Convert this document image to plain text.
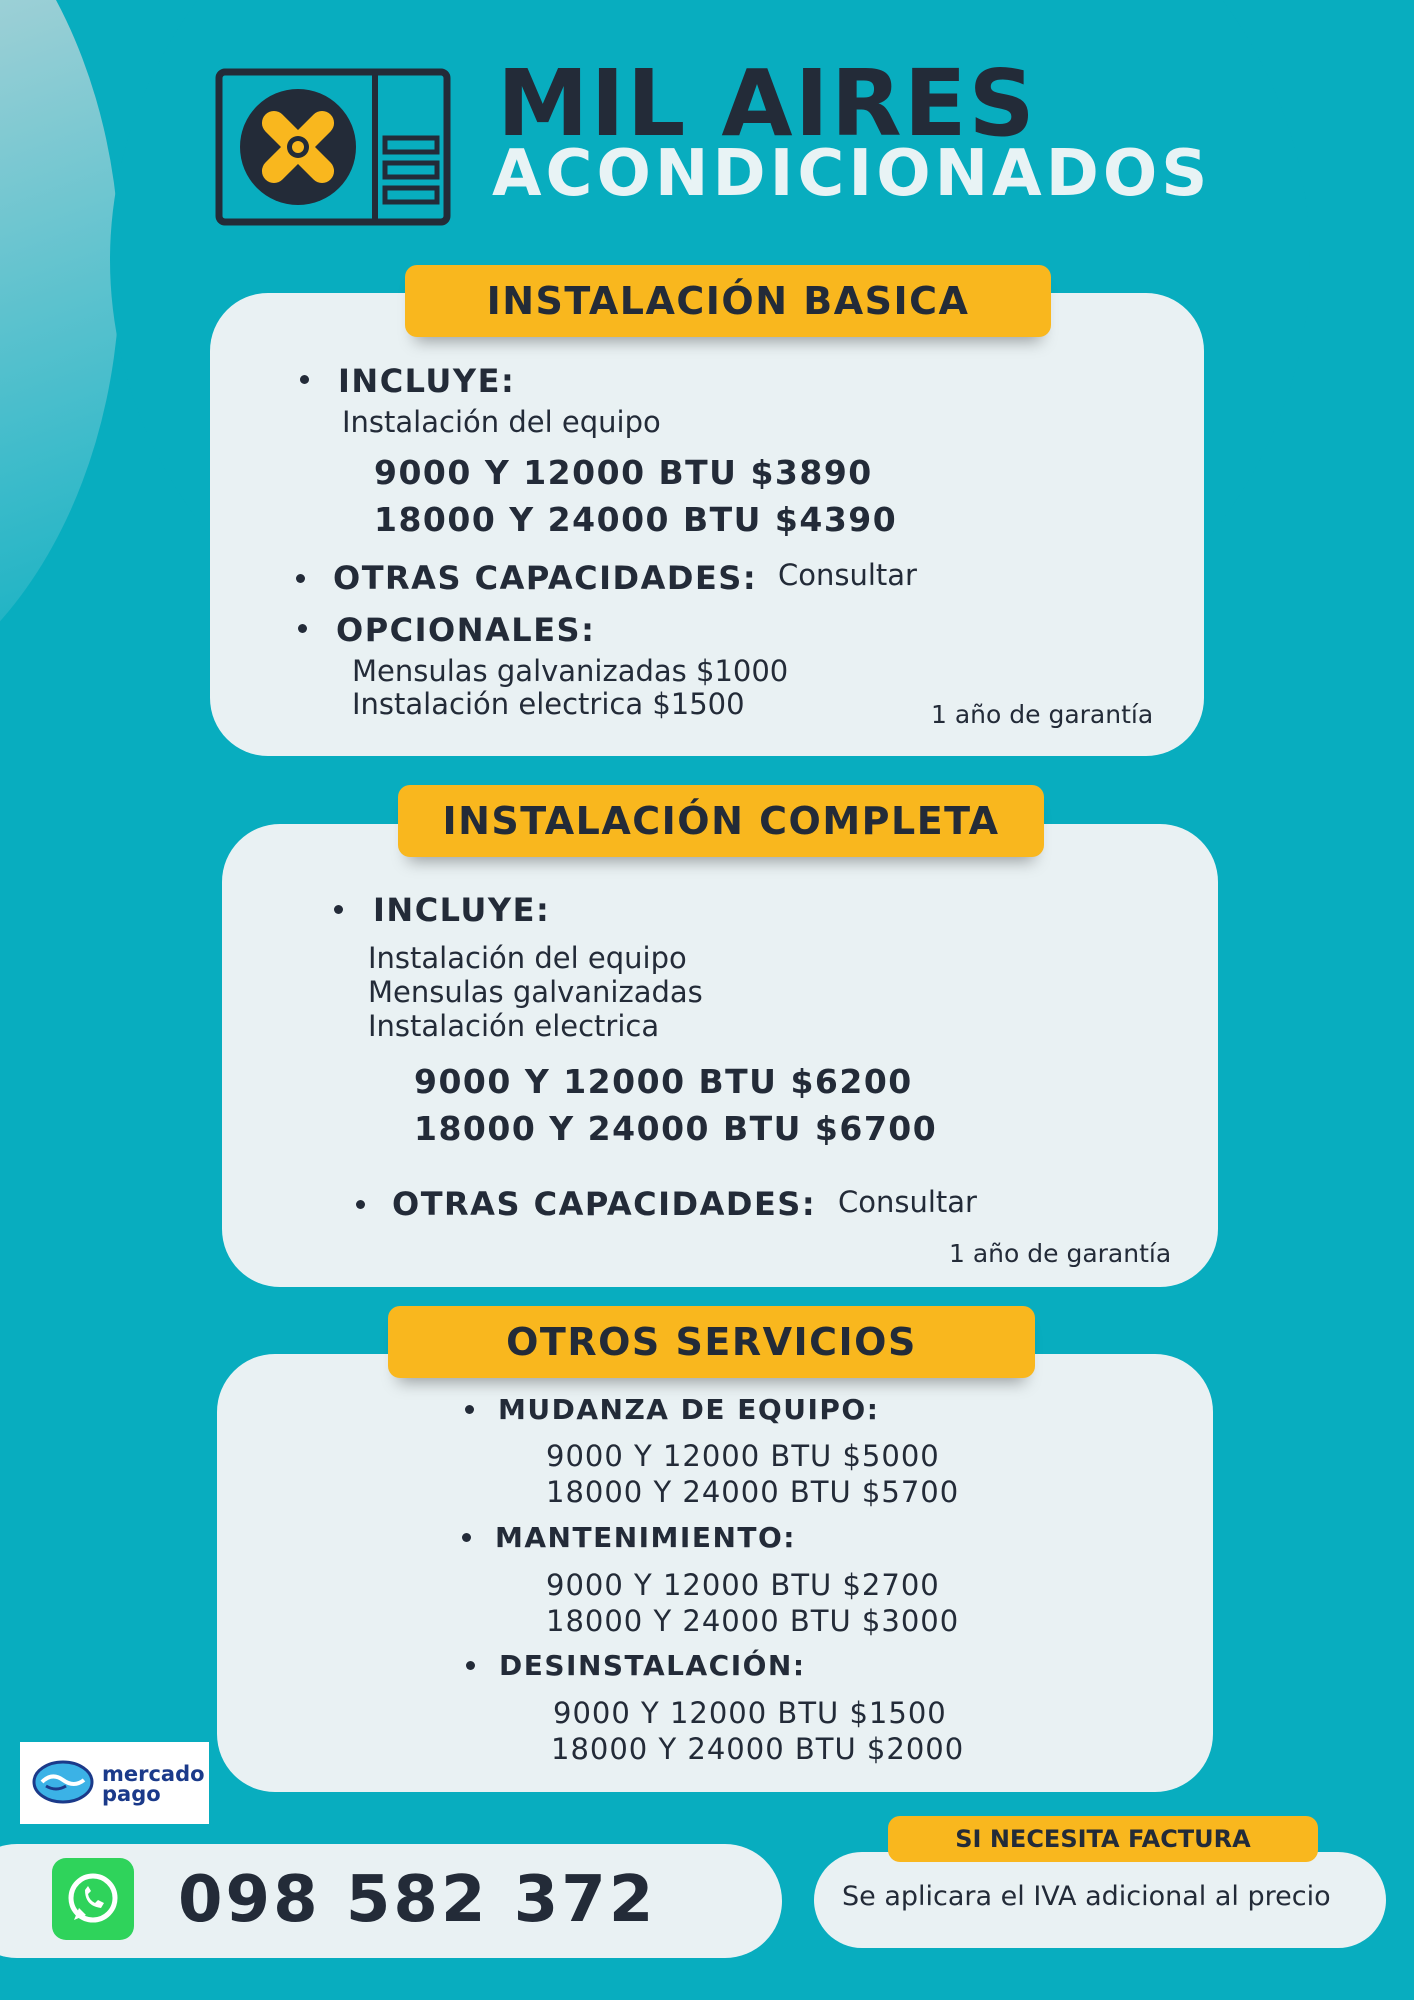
MIL AIRES
ACONDICIONADOS
INSTALACIÓN BASICA
INCLUYE:
Instalación del equipo
9000 Y 12000 BTU $3890
18000 Y 24000 BTU $4390
OTRAS CAPACIDADES: Consultar
OPCIONALES:
Mensulas galvanizadas $1000
Instalación electrica $1500	1 año de garantía
INSTALACIÓN COMPLETA
INCLUYE:
Instalación del equipo
Mensulas galvanizadas
Instalación electrica
9000 Y 12000 BTU $6200
18000 Y 24000 BTU $6700
OTRAS CAPACIDADES: Consultar
1 año de garantía
OTROS SERVICIOS
MUDANZA DE EQUIPO:
9000 Y 12000 BTU $5000
18000 Y 24000 BTU $5700
MANTENIMIENTO:
9000 Y 12000 BTU $2700
18000 Y 24000 BTU $3000
DESINSTALACIÓN:
9000 Y 12000 BTU $1500
18000 Y 24000 BTU $2000
mercado
pago
098 582 372
SI NECESITA FACTURA
Se aplicara el IVA adicional al precio
